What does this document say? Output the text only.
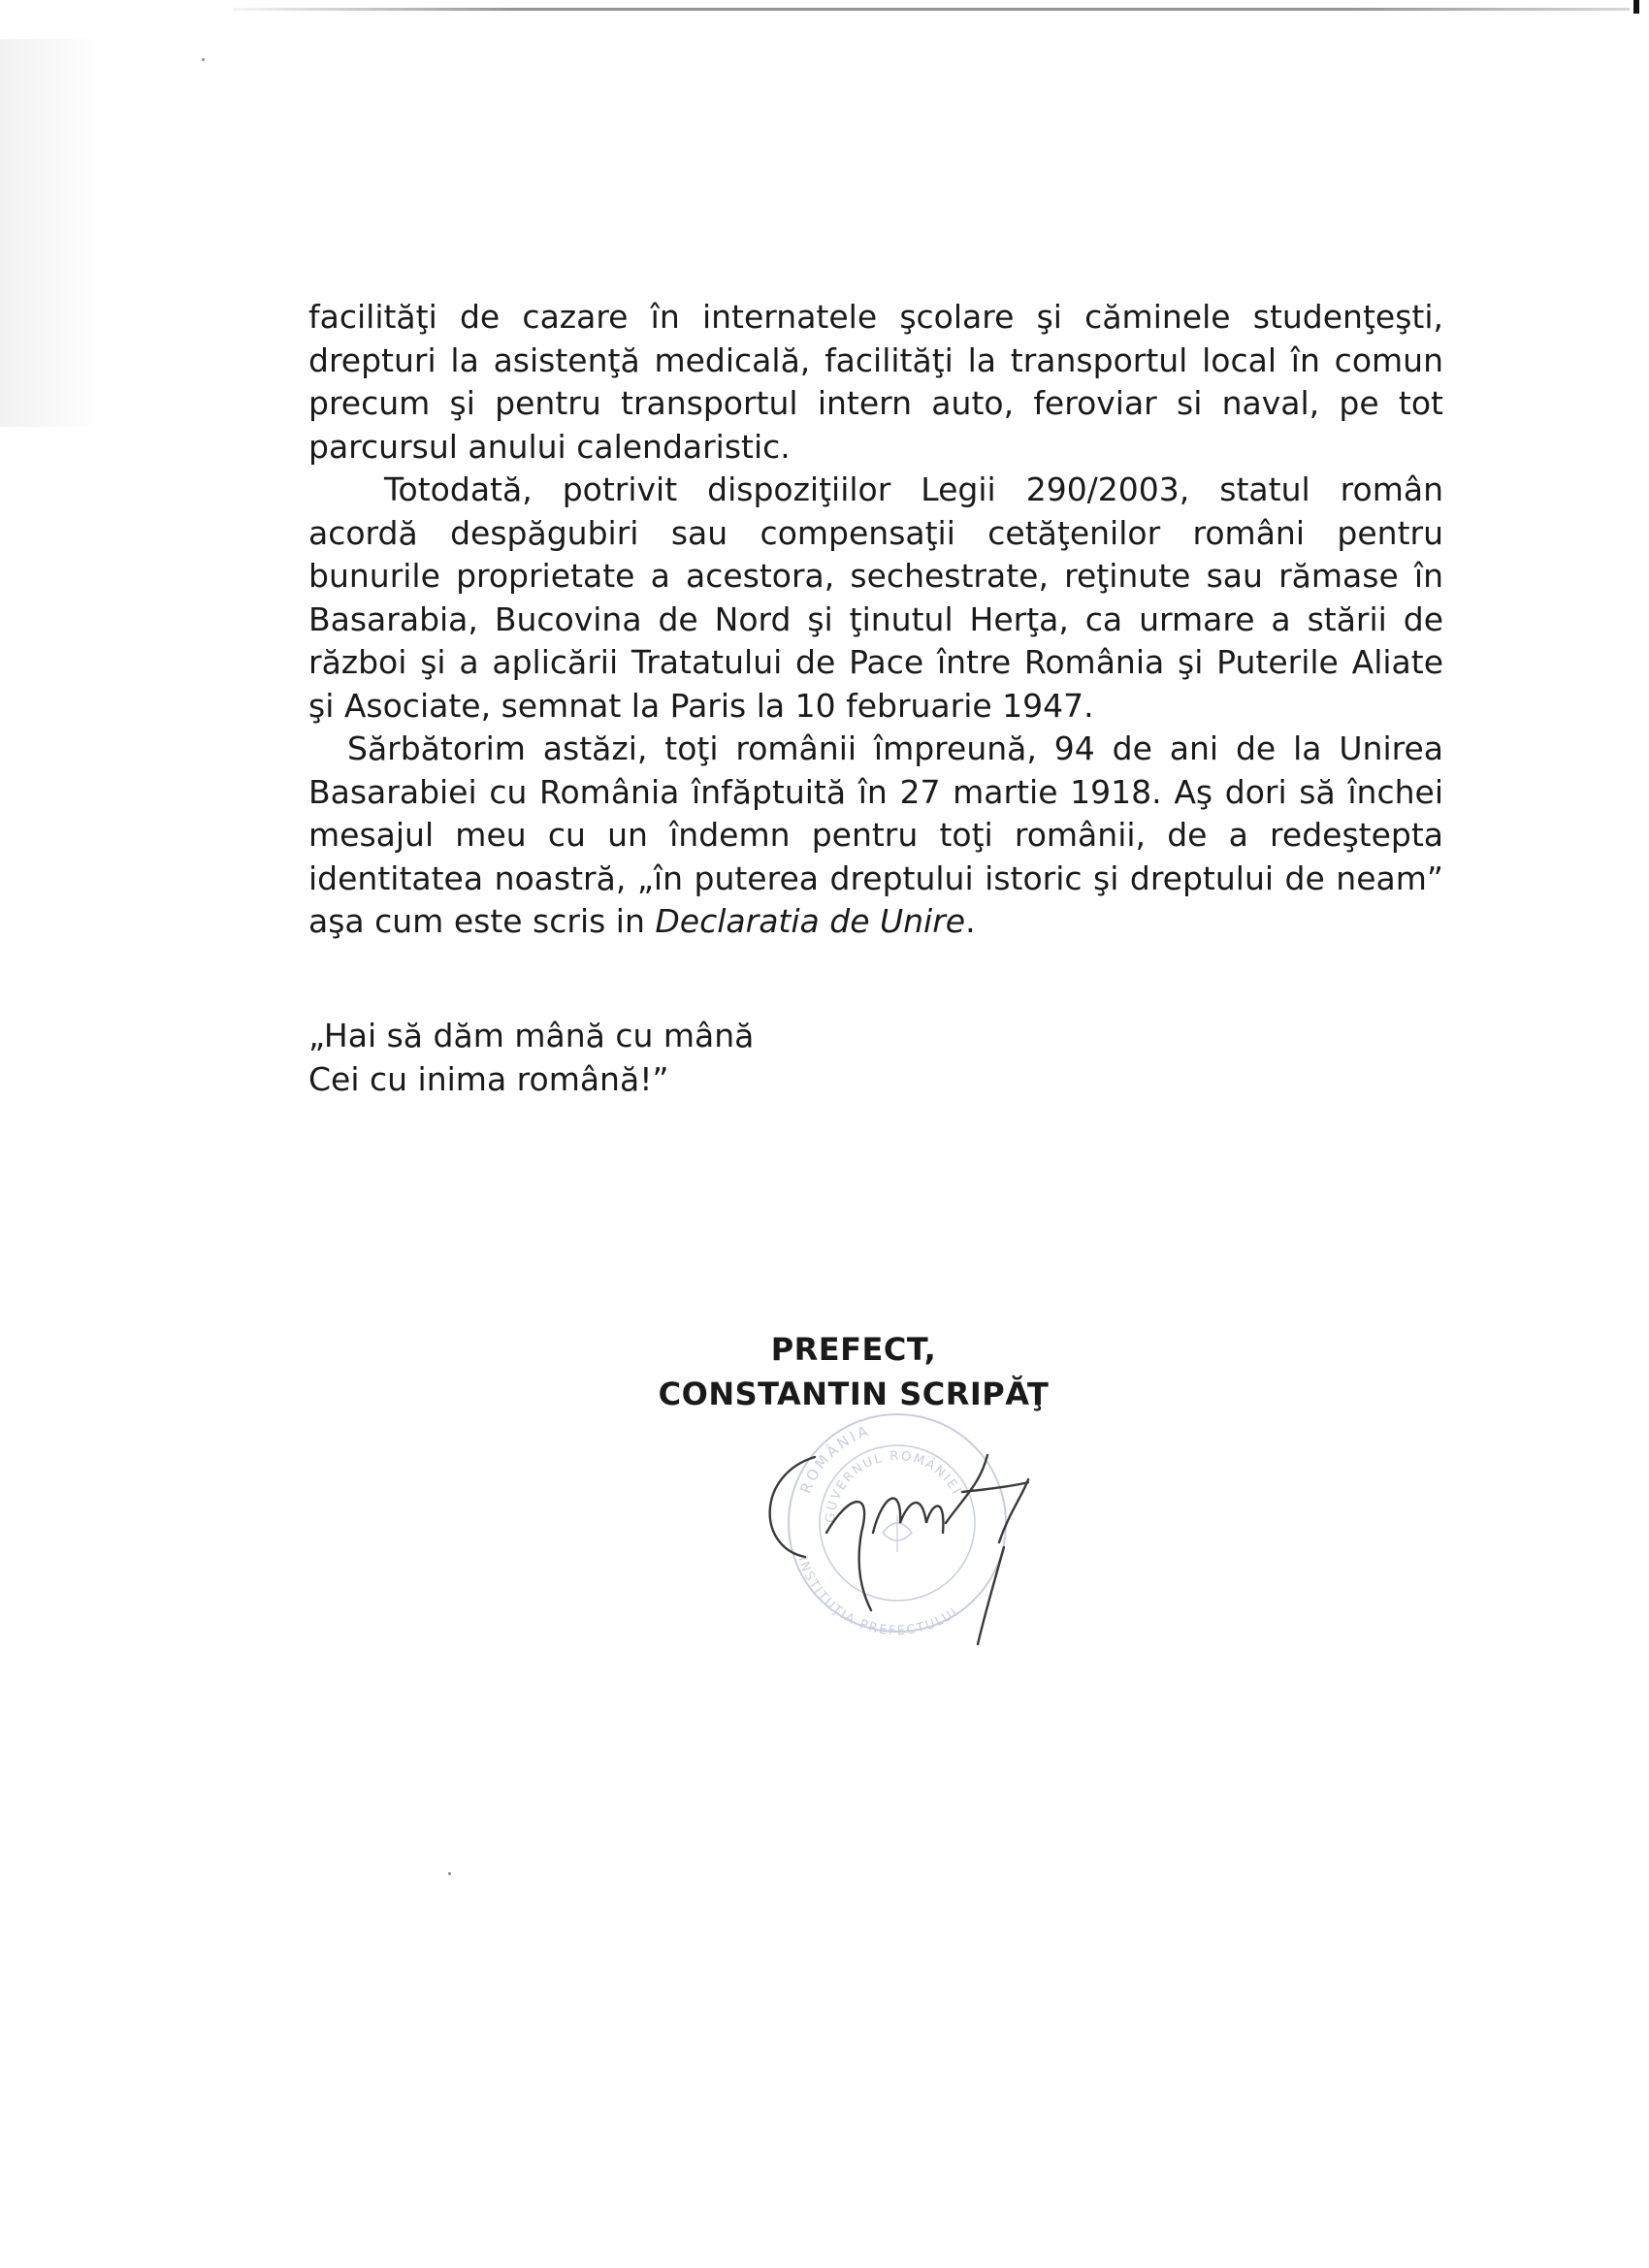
facilităţi de cazare în internatele şcolare şi căminele studenţeşti, drepturi la asistenţă medicală, facilităţi la transportul local în comun precum şi pentru transportul intern auto, feroviar si naval, pe tot parcursul anului calendaristic.

Totodată, potrivit dispoziţiilor Legii 290/2003, statul român acordă despăgubiri sau compensaţii cetăţenilor români pentru bunurile proprietate a acestora, sechestrate, reţinute sau rămase în Basarabia, Bucovina de Nord şi ţinutul Herţa, ca urmare a stării de război şi a aplicării Tratatului de Pace între România şi Puterile Aliate şi Asociate, semnat la Paris la 10 februarie 1947.

Sărbătorim astăzi, toţi românii împreună, 94 de ani de la Unirea Basarabiei cu România înfăptuită în 27 martie 1918. Aş dori să închei mesajul meu cu un îndemn pentru toţi românii, de a redeştepta identitatea noastră, „în puterea dreptului istoric şi dreptului de neam” aşa cum este scris in Declaratia de Unire.

„Hai să dăm mână cu mână
Cei cu inima română!”
PREFECT,
CONSTANTIN SCRIPĂŢ
ROMÂNIA
GUVERNUL ROMÂNIEI
INSTITUŢIA PREFECTULUI
